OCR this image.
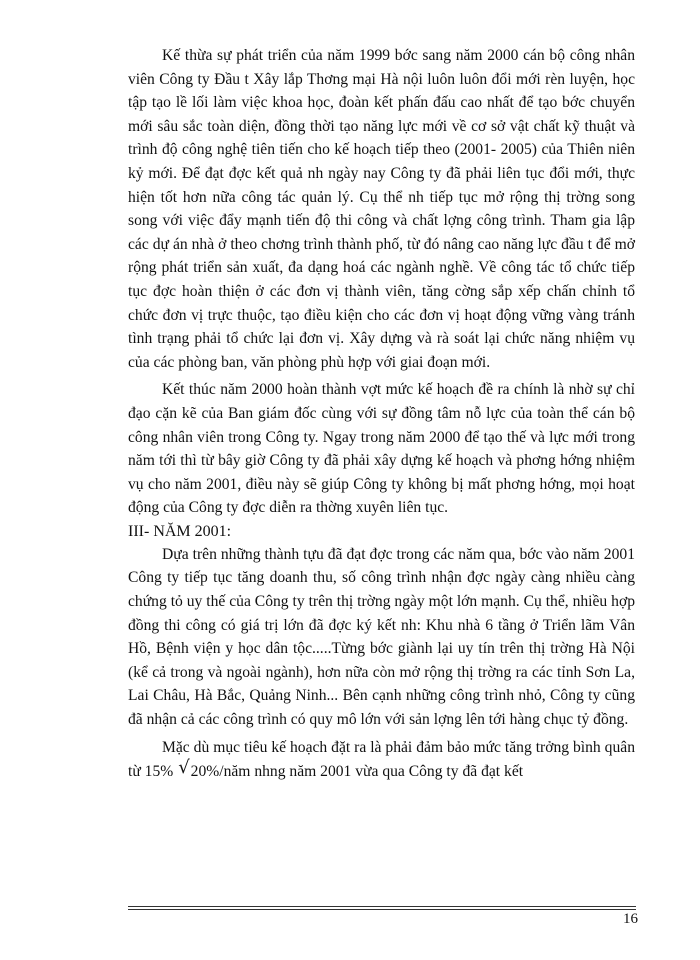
Kế thừa sự phát triển của năm 1999 bớc sang năm 2000 cán bộ công nhân viên Công ty Đầu t Xây lắp Thơng mại Hà nội luôn luôn đổi mới rèn luyện, học tập tạo lề lối làm việc khoa học, đoàn kết phấn đấu cao nhất để tạo bớc chuyển mới sâu sắc toàn diện, đồng thời tạo năng lực mới về cơ sở vật chất kỹ thuật và trình độ công nghệ tiên tiến cho kế hoạch tiếp theo (2001- 2005) của Thiên niên kỷ mới. Để đạt đợc kết quả nh ngày nay Công ty đã phải liên tục đổi mới, thực hiện tốt hơn nữa công tác quản lý. Cụ thể nh tiếp tục mở rộng thị trờng song song với việc đẩy mạnh tiến độ thi công và chất lợng công trình. Tham gia lập các dự án nhà ở theo chơng trình thành phố, từ đó nâng cao năng lực đầu t để mở rộng phát triển sản xuất, đa dạng hoá các ngành nghề. Về công tác tổ chức tiếp tục đợc hoàn thiện ở các đơn vị thành viên, tăng cờng sắp xếp chấn chỉnh tổ chức đơn vị trực thuộc, tạo điều kiện cho các đơn vị hoạt động vững vàng tránh tình trạng phải tổ chức lại đơn vị. Xây dựng và rà soát lại chức năng nhiệm vụ của các phòng ban, văn phòng phù hợp với giai đoạn mới.

Kết thúc năm 2000 hoàn thành vợt mức kế hoạch đề ra chính là nhờ sự chỉ đạo cặn kẽ của Ban giám đốc cùng với sự đồng tâm nỗ lực của toàn thể cán bộ công nhân viên trong Công ty. Ngay trong năm 2000 để tạo thế và lực mới trong năm tới thì từ bây giờ Công ty đã phải xây dựng kế hoạch và phơng hớng nhiệm vụ cho năm 2001, điều này sẽ giúp Công ty không bị mất phơng hớng, mọi hoạt động của Công ty đợc diễn ra thờng xuyên liên tục.

III- NĂM 2001:

Dựa trên những thành tựu đã đạt đợc trong các năm qua, bớc vào năm 2001 Công ty tiếp tục tăng doanh thu, số công trình nhận đợc ngày càng nhiều càng chứng tỏ uy thế của Công ty trên thị trờng ngày một lớn mạnh. Cụ thể, nhiều hợp đồng thi công có giá trị lớn đã đợc ký kết nh: Khu nhà 6 tầng ở Triển lãm Vân Hồ, Bệnh viện y học dân tộc.....Từng bớc giành lại uy tín trên thị trờng Hà Nội (kể cả trong và ngoài ngành), hơn nữa còn mở rộng thị trờng ra các tỉnh Sơn La, Lai Châu, Hà Bắc, Quảng Ninh... Bên cạnh những công trình nhỏ, Công ty cũng đã nhận cả các công trình có quy mô lớn với sản lợng lên tới hàng chục tỷ đồng.

Mặc dù mục tiêu kế hoạch đặt ra là phải đảm bảo mức tăng trởng bình quân từ 15% √20%/năm nhng năm 2001 vừa qua Công ty đã đạt kết

16
